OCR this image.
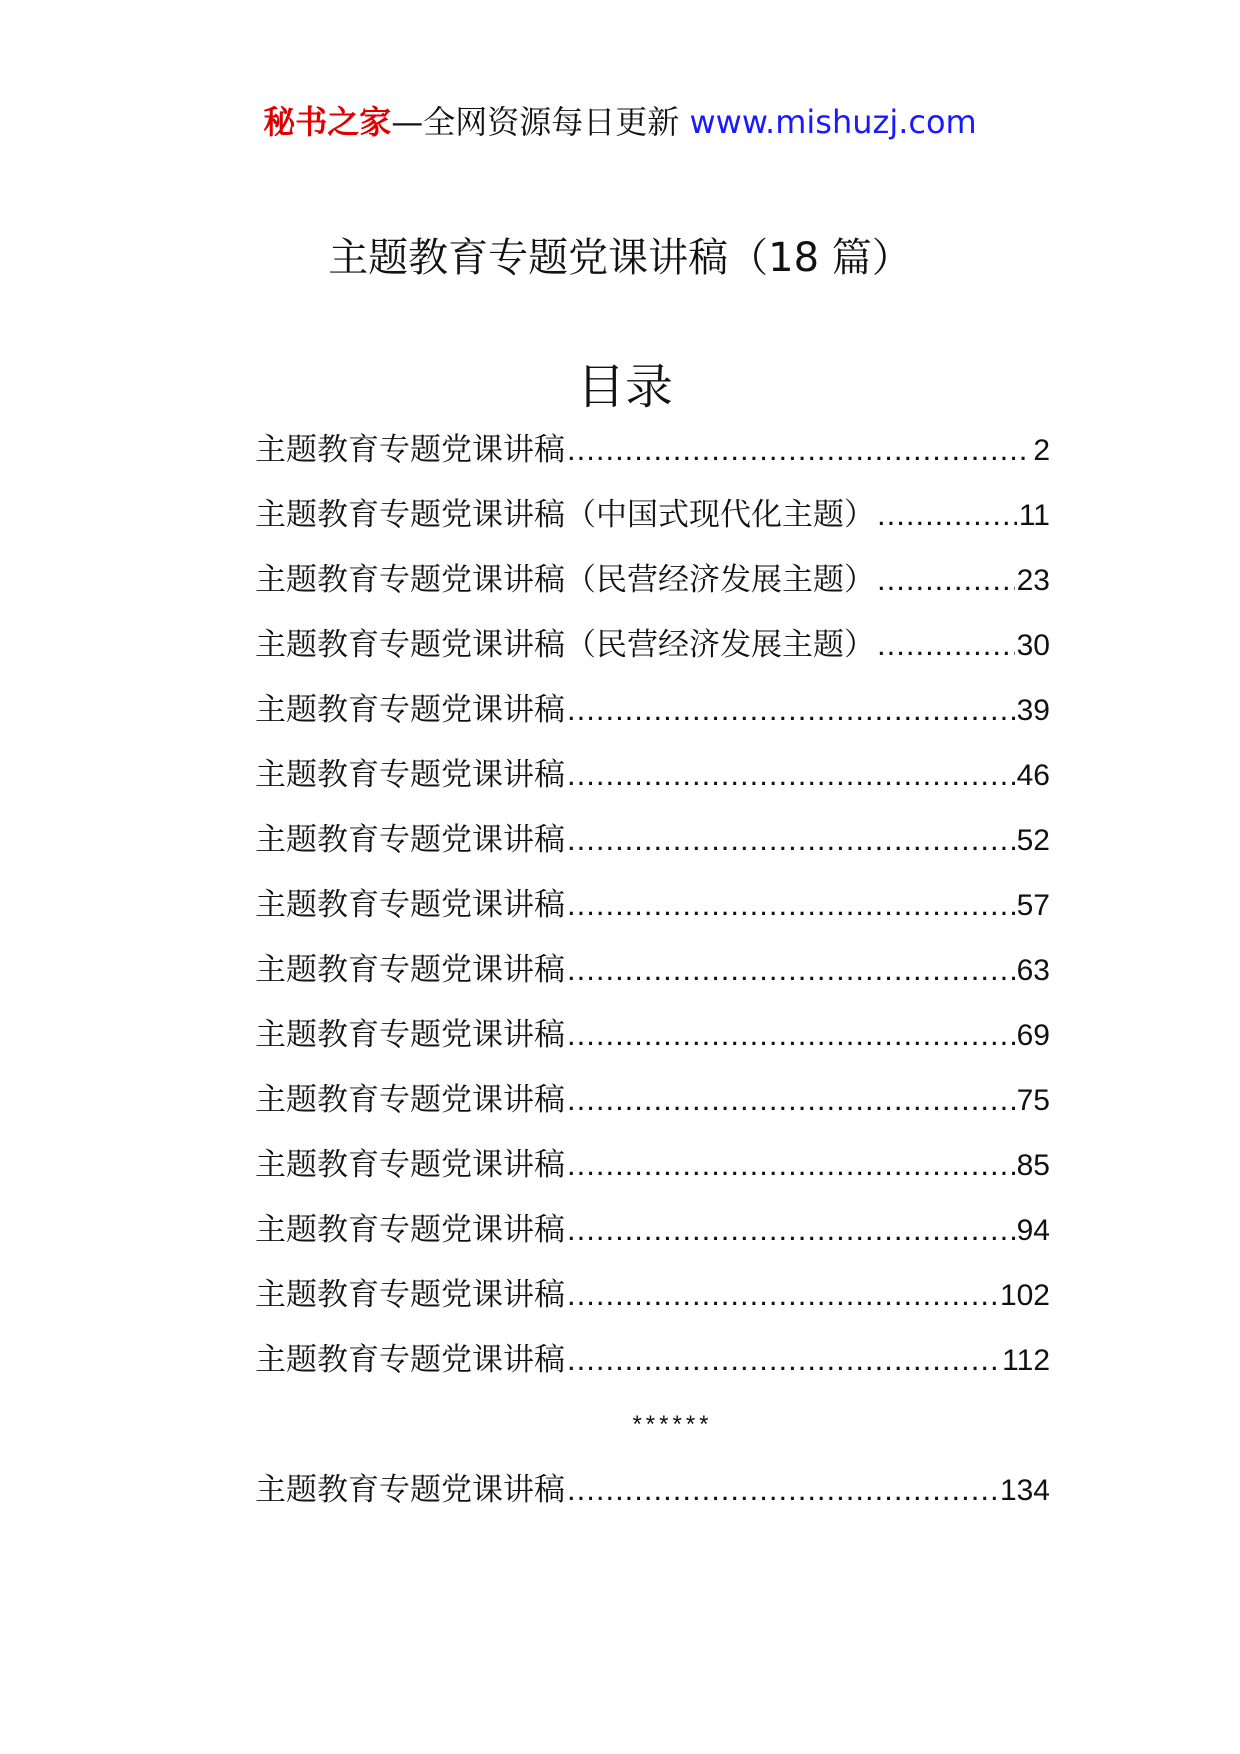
秘书之家—全网资源每日更新 www.mishuzj.com
主题教育专题党课讲稿（18 篇）
目录
主题教育专题党课讲稿 .....	2
主题教育专题党课讲稿（中国式现代化主题） .....	11
主题教育专题党课讲稿（民营经济发展主题） .....	23
主题教育专题党课讲稿（民营经济发展主题） .....	30
主题教育专题党课讲稿 .....	39
主题教育专题党课讲稿 .....	46
主题教育专题党课讲稿 .....	52
主题教育专题党课讲稿 .....	57
主题教育专题党课讲稿 .....	63
主题教育专题党课讲稿 .....	69
主题教育专题党课讲稿 .....	75
主题教育专题党课讲稿 .....	85
主题教育专题党课讲稿 .....	94
主题教育专题党课讲稿 .....	102
主题教育专题党课讲稿 .....	112
******
主题教育专题党课讲稿 .....	134
